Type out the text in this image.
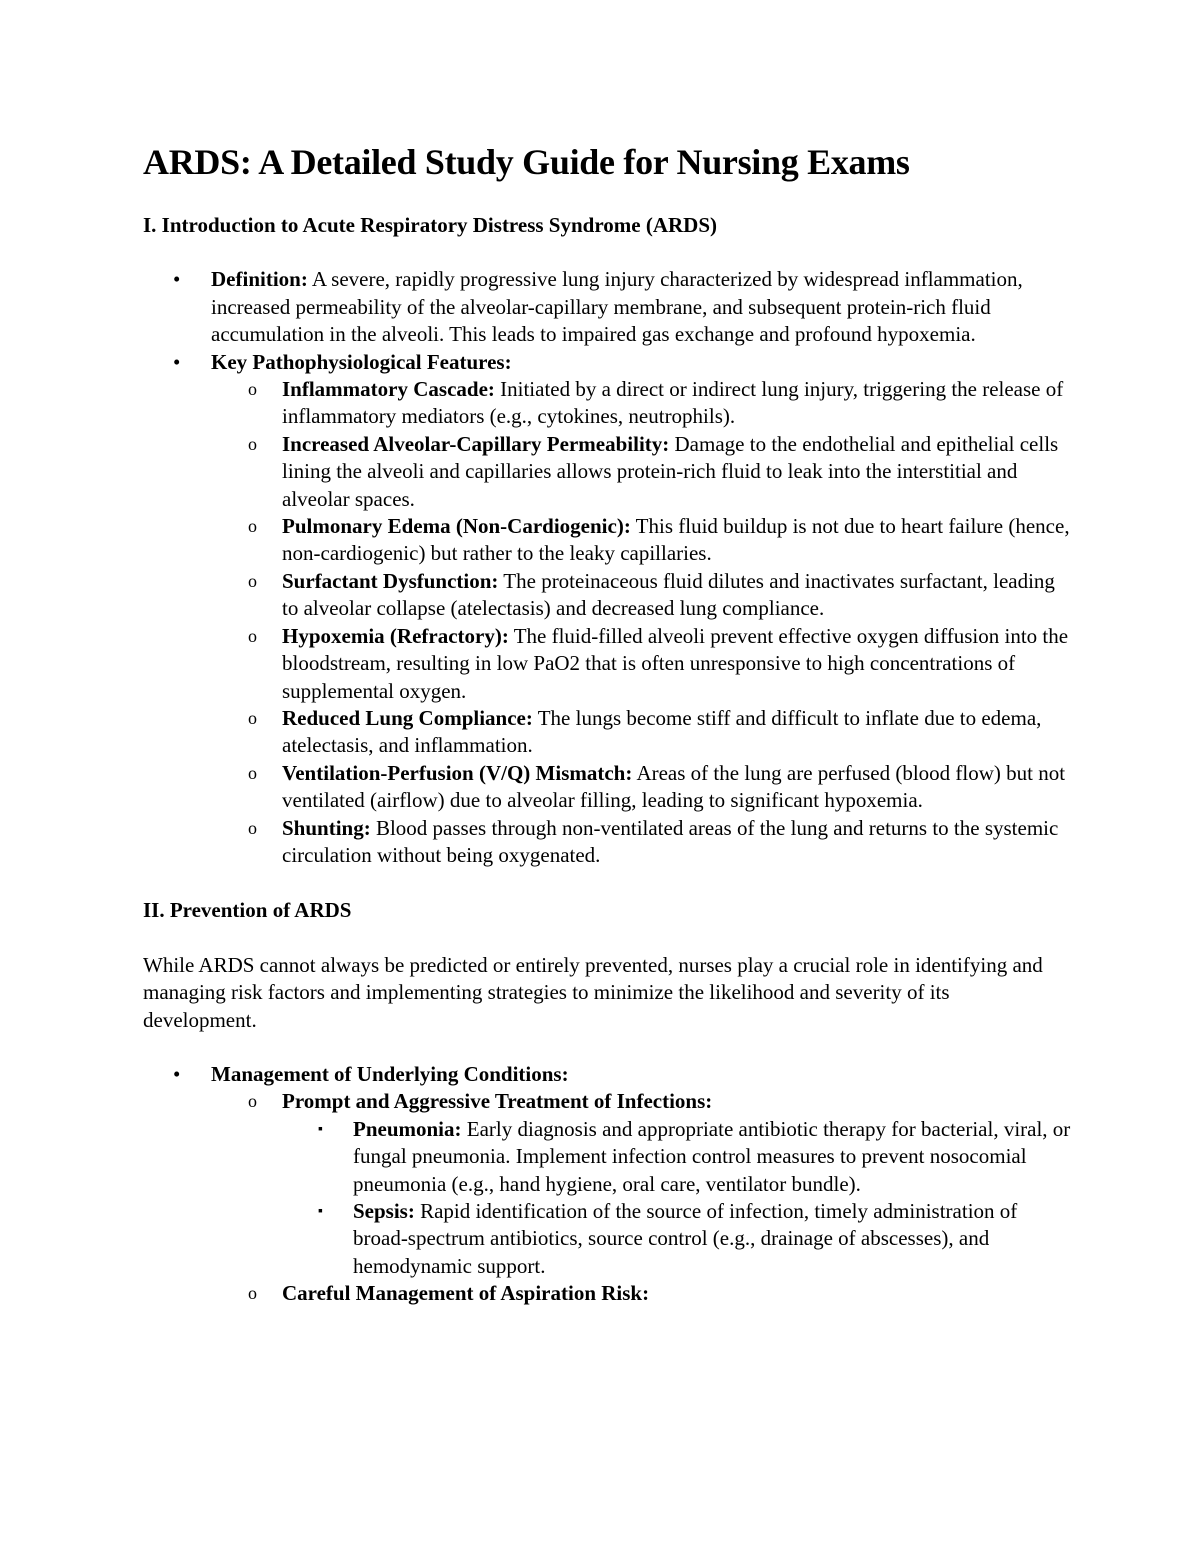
ARDS: A Detailed Study Guide for Nursing Exams
I. Introduction to Acute Respiratory Distress Syndrome (ARDS)
• Definition: A severe, rapidly progressive lung injury characterized by widespread inflammation, increased permeability of the alveolar-capillary membrane, and subsequent protein-rich fluid accumulation in the alveoli. This leads to impaired gas exchange and profound hypoxemia.
• Key Pathophysiological Features:
o Inflammatory Cascade: Initiated by a direct or indirect lung injury, triggering the release of inflammatory mediators (e.g., cytokines, neutrophils).
o Increased Alveolar-Capillary Permeability: Damage to the endothelial and epithelial cells lining the alveoli and capillaries allows protein-rich fluid to leak into the interstitial and alveolar spaces.
o Pulmonary Edema (Non-Cardiogenic): This fluid buildup is not due to heart failure (hence, non-cardiogenic) but rather to the leaky capillaries.
o Surfactant Dysfunction: The proteinaceous fluid dilutes and inactivates surfactant, leading to alveolar collapse (atelectasis) and decreased lung compliance.
o Hypoxemia (Refractory): The fluid-filled alveoli prevent effective oxygen diffusion into the bloodstream, resulting in low PaO2 that is often unresponsive to high concentrations of supplemental oxygen.
o Reduced Lung Compliance: The lungs become stiff and difficult to inflate due to edema, atelectasis, and inflammation.
o Ventilation-Perfusion (V/Q) Mismatch: Areas of the lung are perfused (blood flow) but not ventilated (airflow) due to alveolar filling, leading to significant hypoxemia.
o Shunting: Blood passes through non-ventilated areas of the lung and returns to the systemic circulation without being oxygenated.
II. Prevention of ARDS

While ARDS cannot always be predicted or entirely prevented, nurses play a crucial role in identifying and managing risk factors and implementing strategies to minimize the likelihood and severity of its development.

• Management of Underlying Conditions:
o Prompt and Aggressive Treatment of Infections:
▪ Pneumonia: Early diagnosis and appropriate antibiotic therapy for bacterial, viral, or fungal pneumonia. Implement infection control measures to prevent nosocomial pneumonia (e.g., hand hygiene, oral care, ventilator bundle).
▪ Sepsis: Rapid identification of the source of infection, timely administration of broad-spectrum antibiotics, source control (e.g., drainage of abscesses), and hemodynamic support.
o Careful Management of Aspiration Risk:
